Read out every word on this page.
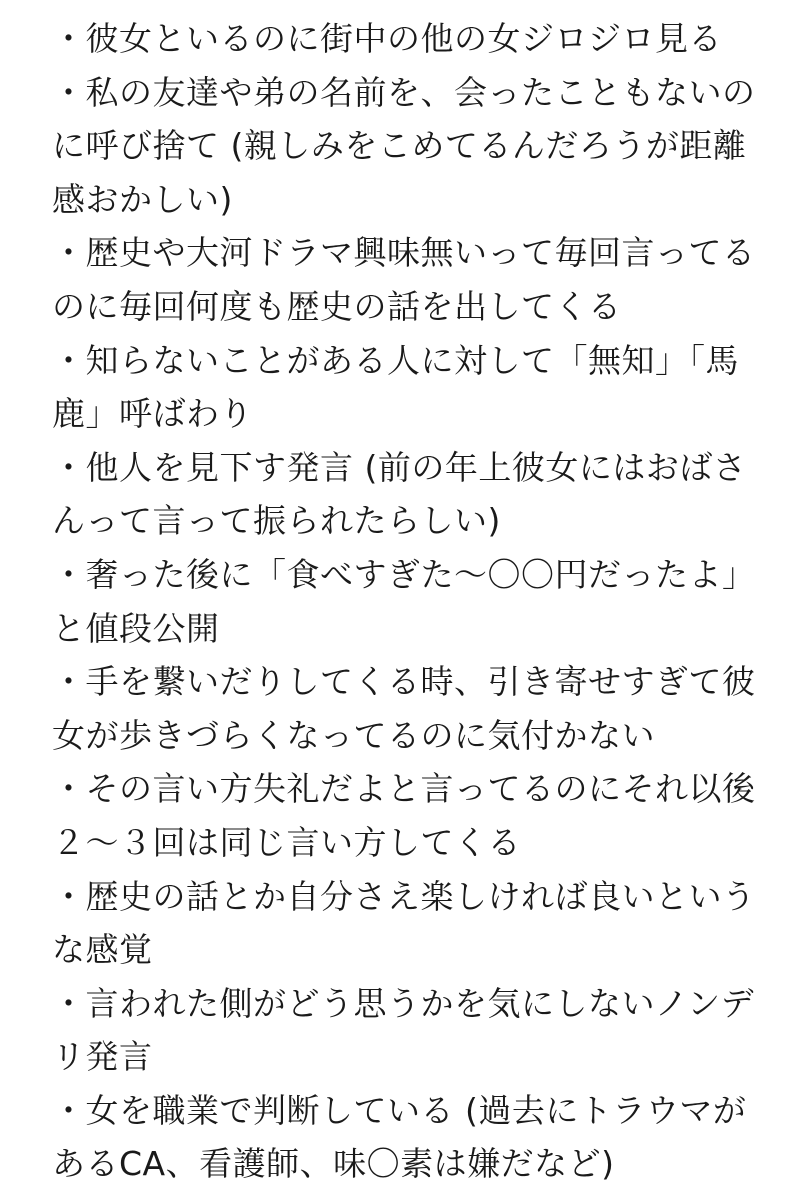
・彼女といるのに街中の他の女ジロジロ見る
・私の友達や弟の名前を、会ったこともないの
に呼び捨て (親しみをこめてるんだろうが距離
感おかしい)
・歴史や大河ドラマ興味無いって毎回言ってる
のに毎回何度も歴史の話を出してくる
・知らないことがある人に対して「無知」「馬
鹿」呼ばわり
・他人を見下す発言 (前の年上彼女にはおばさ
んって言って振られたらしい)
・奢った後に「食べすぎた〜〇〇円だったよ」
と値段公開
・手を繋いだりしてくる時、引き寄せすぎて彼
女が歩きづらくなってるのに気付かない
・その言い方失礼だよと言ってるのにそれ以後
２〜３回は同じ言い方してくる
・歴史の話とか自分さえ楽しければ良いという
な感覚
・言われた側がどう思うかを気にしないノンデ
リ発言
・女を職業で判断している (過去にトラウマが
あるCA、看護師、味〇素は嫌だなど)
